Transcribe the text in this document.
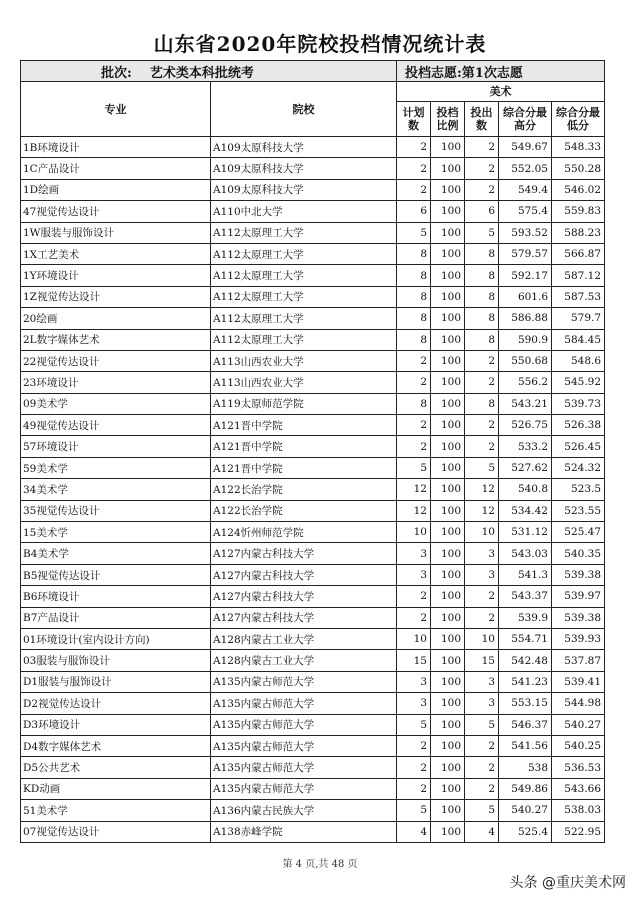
山东省2020年院校投档情况统计表
批次: 艺术类本科批统考		投档志愿:第1次志愿				
专业	院校	美术				
		计划数	投档比例	投出数	综合分最高分	综合分最低分
1B环境设计	A109太原科技大学	2	100	2	549.67	548.33
1C产品设计	A109太原科技大学	2	100	2	552.05	550.28
1D绘画	A109太原科技大学	2	100	2	549.4	546.02
47视觉传达设计	A110中北大学	6	100	6	575.4	559.83
1W服装与服饰设计	A112太原理工大学	5	100	5	593.52	588.23
1X工艺美术	A112太原理工大学	8	100	8	579.57	566.87
1Y环境设计	A112太原理工大学	8	100	8	592.17	587.12
1Z视觉传达设计	A112太原理工大学	8	100	8	601.6	587.53
20绘画	A112太原理工大学	8	100	8	586.88	579.7
2L数字媒体艺术	A112太原理工大学	8	100	8	590.9	584.45
22视觉传达设计	A113山西农业大学	2	100	2	550.68	548.6
23环境设计	A113山西农业大学	2	100	2	556.2	545.92
09美术学	A119太原师范学院	8	100	8	543.21	539.73
49视觉传达设计	A121晋中学院	2	100	2	526.75	526.38
57环境设计	A121晋中学院	2	100	2	533.2	526.45
59美术学	A121晋中学院	5	100	5	527.62	524.32
34美术学	A122长治学院	12	100	12	540.8	523.5
35视觉传达设计	A122长治学院	12	100	12	534.42	523.55
15美术学	A124忻州师范学院	10	100	10	531.12	525.47
B4美术学	A127内蒙古科技大学	3	100	3	543.03	540.35
B5视觉传达设计	A127内蒙古科技大学	3	100	3	541.3	539.38
B6环境设计	A127内蒙古科技大学	2	100	2	543.37	539.97
B7产品设计	A127内蒙古科技大学	2	100	2	539.9	539.38
01环境设计(室内设计方向)	A128内蒙古工业大学	10	100	10	554.71	539.93
03服装与服饰设计	A128内蒙古工业大学	15	100	15	542.48	537.87
D1服装与服饰设计	A135内蒙古师范大学	3	100	3	541.23	539.41
D2视觉传达设计	A135内蒙古师范大学	3	100	3	553.15	544.98
D3环境设计	A135内蒙古师范大学	5	100	5	546.37	540.27
D4数字媒体艺术	A135内蒙古师范大学	2	100	2	541.56	540.25
D5公共艺术	A135内蒙古师范大学	2	100	2	538	536.53
KD动画	A135内蒙古师范大学	2	100	2	549.86	543.66
51美术学	A136内蒙古民族大学	5	100	5	540.27	538.03
07视觉传达设计	A138赤峰学院	4	100	4	525.4	522.95
第 4 页,共 48 页
头条 @重庆美术网
